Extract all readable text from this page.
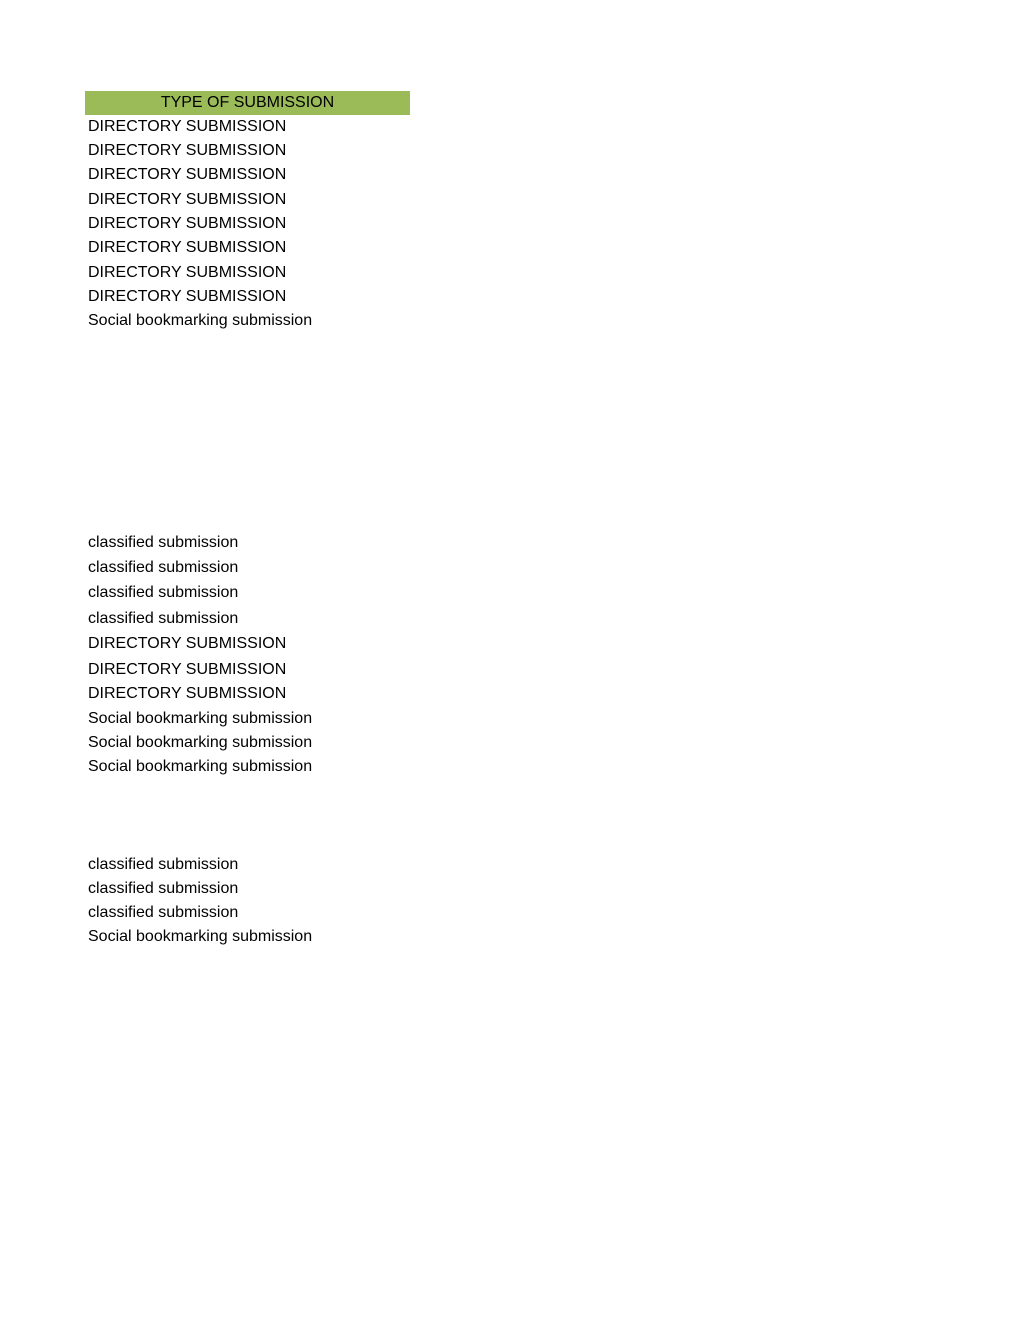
TYPE OF SUBMISSION
DIRECTORY SUBMISSION
DIRECTORY SUBMISSION
DIRECTORY SUBMISSION
DIRECTORY SUBMISSION
DIRECTORY SUBMISSION
DIRECTORY SUBMISSION
DIRECTORY SUBMISSION
DIRECTORY SUBMISSION
Social bookmarking submission
classified submission
classified submission
classified submission
classified submission
DIRECTORY SUBMISSION
DIRECTORY SUBMISSION
DIRECTORY SUBMISSION
Social bookmarking submission
Social bookmarking submission
Social bookmarking submission
classified submission
classified submission
classified submission
Social bookmarking submission
